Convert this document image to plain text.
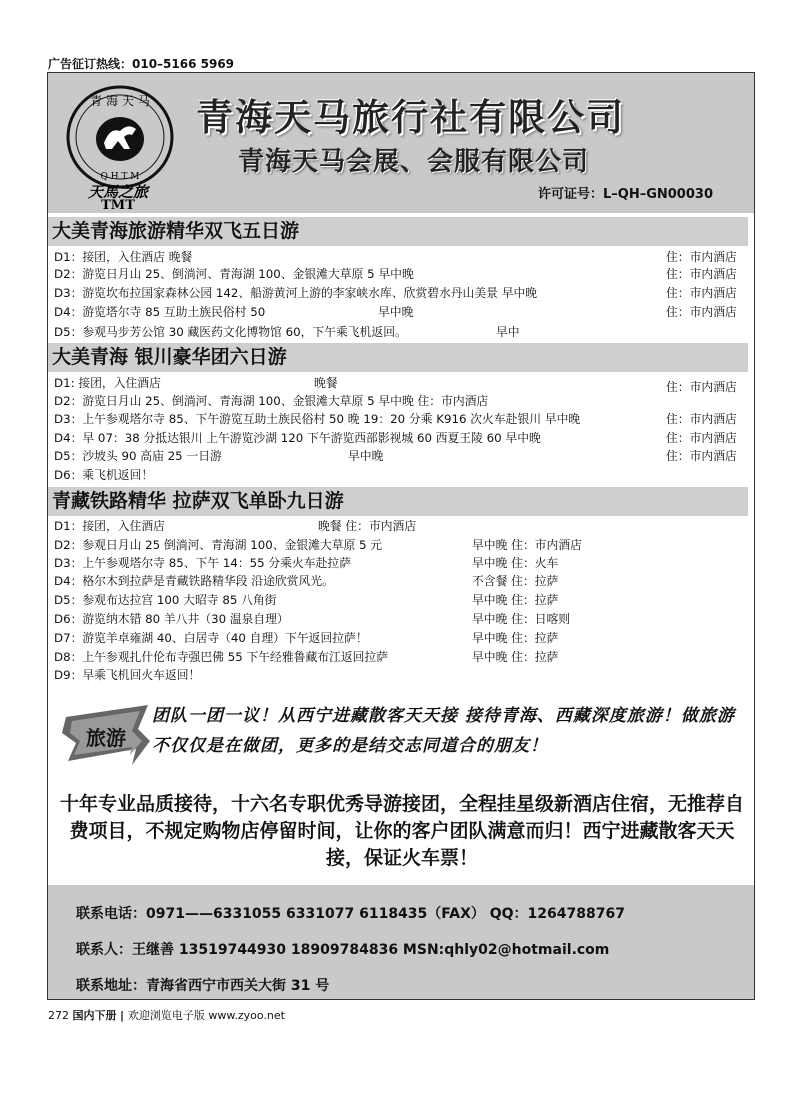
广告征订热线：010–5166 5969
青 海 天 马
Q H T M
天馬之旅
TMT
青海天马旅行社有限公司
青海天马会展、会服有限公司
许可证号：L–QH–GN00030
大美青海旅游精华双飞五日游
D1：接团，入住酒店 晚餐	住：市内酒店
D2：游览日月山 25、倒淌河、青海湖 100、金银滩大草原 5 早中晚	住：市内酒店
D3：游览坎布拉国家森林公园 142、船游黄河上游的李家峡水库、欣赏碧水丹山美景 早中晚	住：市内酒店
D4：游览塔尔寺 85 互助土族民俗村 50	早中晚	住：市内酒店
D5：参观马步芳公馆 30 藏医药文化博物馆 60，下午乘飞机返回。	早中
大美青海 银川豪华团六日游
D1: 接团，入住酒店	晚餐	住：市内酒店
D2：游览日月山 25、倒淌河、青海湖 100、金银滩大草原 5 早中晚 住：市内酒店
D3：上午参观塔尔寺 85、下午游览互助土族民俗村 50 晚 19：20 分乘 K916 次火车赴银川 早中晚	住：市内酒店
D4：早 07：38 分抵达银川 上午游览沙湖 120 下午游览西部影视城 60 西夏王陵 60 早中晚	住：市内酒店
D5：沙坡头 90 高庙 25 一日游	早中晚	住：市内酒店
D6：乘飞机返回！
青藏铁路精华 拉萨双飞单卧九日游
D1：接团，入住酒店	晚餐 住：市内酒店
D2：参观日月山 25 倒淌河、青海湖 100、金银滩大草原 5 元	早中晚 住：市内酒店
D3：上午参观塔尔寺 85、下午 14：55 分乘火车赴拉萨	早中晚 住：火车
D4：格尔木到拉萨是青藏铁路精华段 沿途欣赏风光。	不含餐 住：拉萨
D5：参观布达拉宫 100 大昭寺 85 八角街	早中晚 住：拉萨
D6：游览纳木错 80 羊八井（30 温泉自理）	早中晚 住：日喀则
D7：游览羊卓雍湖 40、白居寺（40 自理）下午返回拉萨！	早中晚 住：拉萨
D8：上午参观扎什伦布寺强巴佛 55 下午经雅鲁藏布江返回拉萨	早中晚 住：拉萨
D9：早乘飞机回火车返回！
旅游
团队一团一议！从西宁进藏散客天天接 接待青海、西藏深度旅游！做旅游不仅仅是在做团，更多的是结交志同道合的朋友！
十年专业品质接待，十六名专职优秀导游接团，全程挂星级新酒店住宿，无推荐自费项目，不规定购物店停留时间，让你的客户团队满意而归！西宁进藏散客天天接，保证火车票！
联系电话：0971——6331055 6331077 6118435（FAX） QQ：1264788767
联系人：王继善 13519744930 18909784836 MSN:qhly02@hotmail.com
联系地址：青海省西宁市西关大街 31 号
272 国内下册 | 欢迎浏览电子版 www.zyoo.net
